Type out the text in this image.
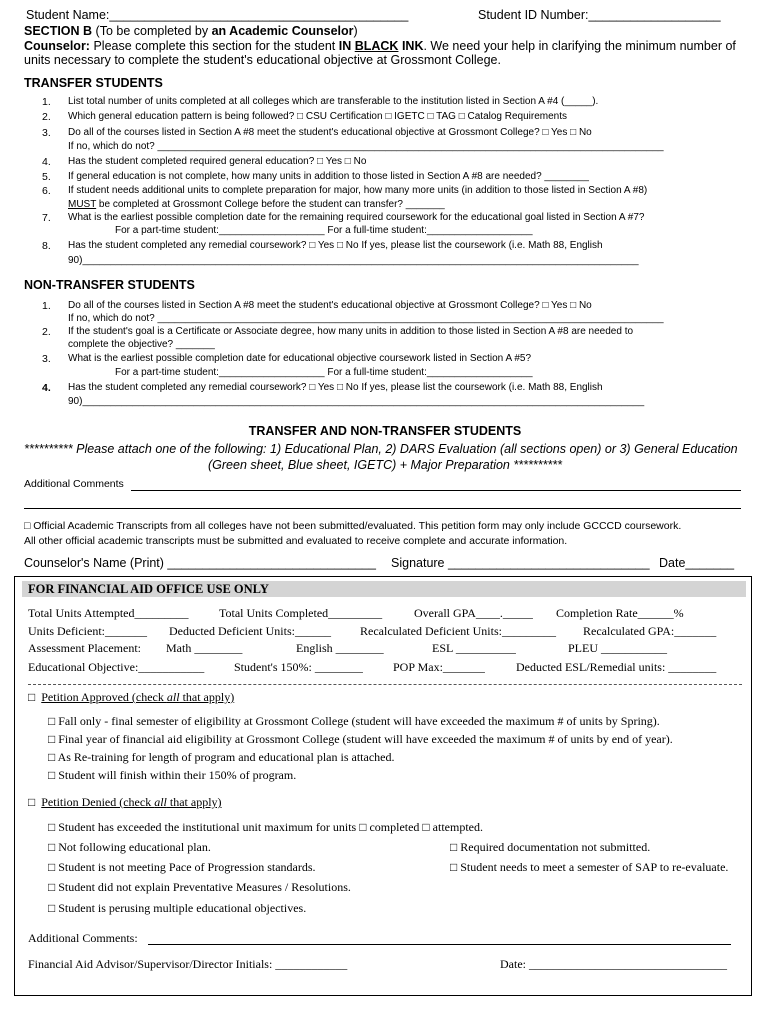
Student Name:___________________________________________	Student ID Number:___________________
SECTION B (To be completed by an Academic Counselor)
Counselor: Please complete this section for the student IN BLACK INK. We need your help in clarifying the minimum number of
units necessary to complete the student's educational objective at Grossmont College.
TRANSFER STUDENTS
1. List total number of units completed at all colleges which are transferable to the institution listed in Section A #4 (_____).
2. Which general education pattern is being followed? □ CSU Certification □ IGETC □ TAG □ Catalog Requirements
3. Do all of the courses listed in Section A #8 meet the student's educational objective at Grossmont College? □ Yes □ No
If no, which do not? ___________________________________________________________________________________________
4. Has the student completed required general education? □ Yes □ No
5. If general education is not complete, how many units in addition to those listed in Section A #8 are needed? ________
6. If student needs additional units to complete preparation for major, how many more units (in addition to those listed in Section A #8)
MUST be completed at Grossmont College before the student can transfer? _______
7. What is the earliest possible completion date for the remaining required coursework for the educational goal listed in Section A #7?
For a part-time student:___________________ For a full-time student:___________________
8. Has the student completed any remedial coursework? □ Yes □ No If yes, please list the coursework (i.e. Math 88, English
90)____________________________________________________________________________________________________
NON-TRANSFER STUDENTS
1. Do all of the courses listed in Section A #8 meet the student's educational objective at Grossmont College? □ Yes □ No
If no, which do not? ___________________________________________________________________________________________
2. If the student's goal is a Certificate or Associate degree, how many units in addition to those listed in Section A #8 are needed to
complete the objective? _______
3. What is the earliest possible completion date for educational objective coursework listed in Section A #5?
For a part-time student:___________________ For a full-time student:___________________
4. Has the student completed any remedial coursework? □ Yes □ No If yes, please list the coursework (i.e. Math 88, English
90)_____________________________________________________________________________________________________
TRANSFER AND NON-TRANSFER STUDENTS
********** Please attach one of the following: 1) Educational Plan, 2) DARS Evaluation (all sections open) or 3) General Education
(Green sheet, Blue sheet, IGETC) + Major Preparation **********
Additional Comments
□ Official Academic Transcripts from all colleges have not been submitted/evaluated. This petition form may only include GCCCD coursework.
All other official academic transcripts must be submitted and evaluated to receive complete and accurate information.
Counselor's Name (Print) ______________________________ Signature _____________________________ Date_______
FOR FINANCIAL AID OFFICE USE ONLY
Total Units Attempted_________	Total Units Completed_________	Overall GPA____._____ Completion Rate______%
Units Deficient:_______ Deducted Deficient Units:______ Recalculated Deficient Units:_________ Recalculated GPA:_______
Assessment Placement: Math ________	English ________	ESL __________	PLEU ___________
Educational Objective:___________ Student's 150%: ________	POP Max:_______	Deducted ESL/Remedial units: ________
□ Petition Approved (check all that apply)
□ Fall only - final semester of eligibility at Grossmont College (student will have exceeded the maximum # of units by Spring).
□ Final year of financial aid eligibility at Grossmont College (student will have exceeded the maximum # of units by end of year).
□ As Re-training for length of program and educational plan is attached.
□ Student will finish within their 150% of program.
□ Petition Denied (check all that apply)
□ Student has exceeded the institutional unit maximum for units □ completed □ attempted.
□ Not following educational plan.	□ Required documentation not submitted.
□ Student is not meeting Pace of Progression standards.	□ Student needs to meet a semester of SAP to re-evaluate.
□ Student did not explain Preventative Measures / Resolutions.
□ Student is perusing multiple educational objectives.
Additional Comments:
Financial Aid Advisor/Supervisor/Director Initials: ____________	Date: _________________________________
